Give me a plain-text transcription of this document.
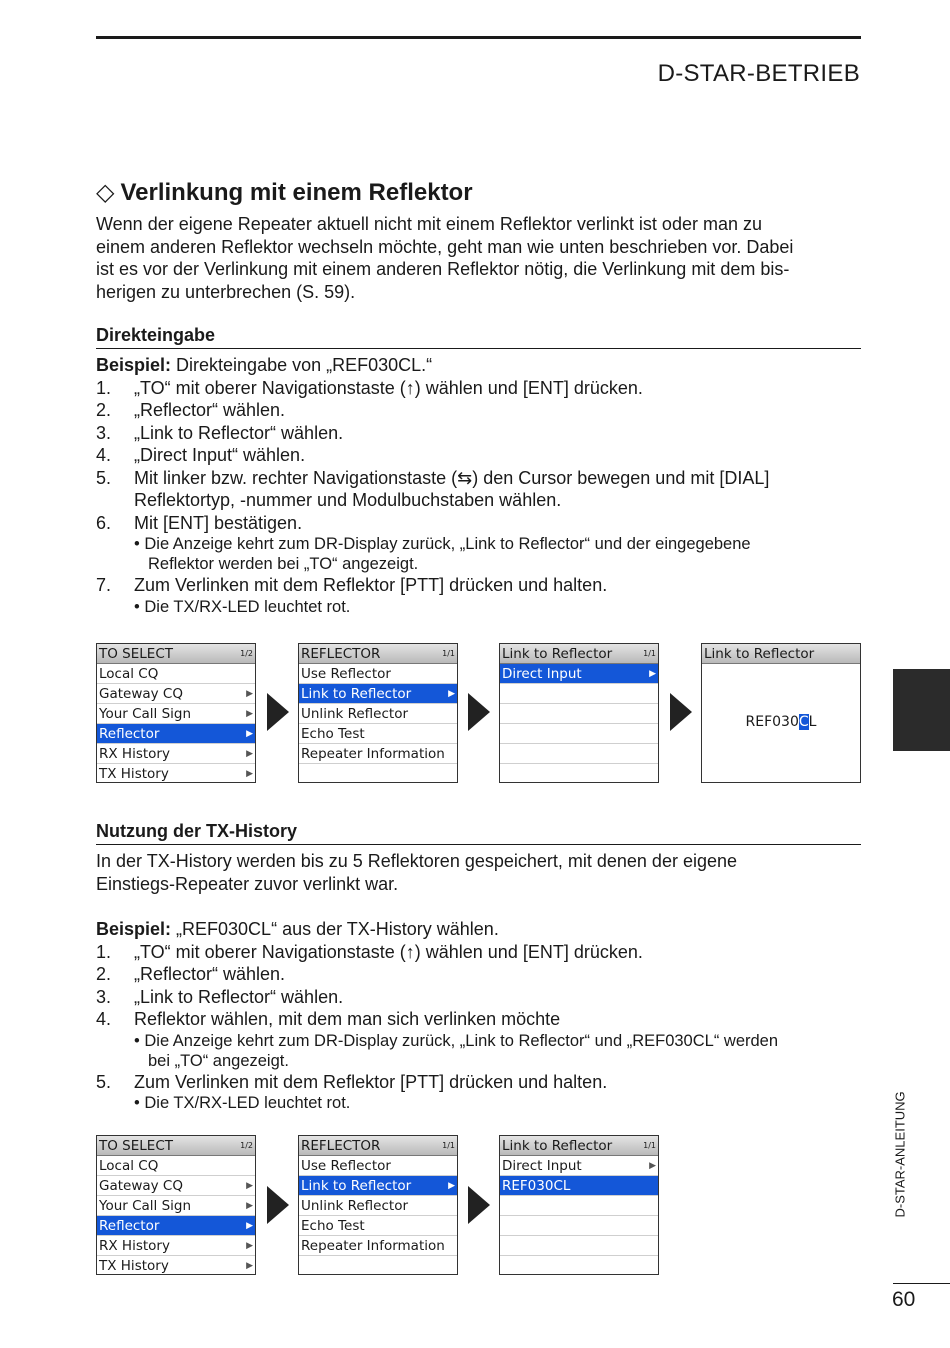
D-STAR-BETRIEB
◇ Verlinkung mit einem Reflektor
Wenn der eigene Repeater aktuell nicht mit einem Reflektor verlinkt ist oder man zu
einem anderen Reflektor wechseln möchte, geht man wie unten beschrieben vor. Dabei
ist es vor der Verlinkung mit einem anderen Reflektor nötig, die Verlinkung mit dem bis-
herigen zu unterbrechen (S. 59).
Direkteingabe
Beispiel: Direkteingabe von „REF030CL.“
1.	„TO“ mit oberer Navigationstaste (↑) wählen und [ENT] drücken.
2.	„Reflector“ wählen.
3.	„Link to Reflector“ wählen.
4.	„Direct Input“ wählen.
5.	Mit linker bzw. rechter Navigationstaste (⇆) den Cursor bewegen und mit [DIAL]
Reflektortyp, -nummer und Modulbuchstaben wählen.
6.	Mit [ENT] bestätigen.
• Die Anzeige kehrt zum DR-Display zurück, „Link to Reflector“ und der eingegebene
Reflektor werden bei „TO“ angezeigt.
7.	Zum Verlinken mit dem Reflektor [PTT] drücken und halten.
• Die TX/RX-LED leuchtet rot.
TO SELECT	1/2
Local CQ
Gateway CQ	▶
Your Call Sign	▶
Reflector	▶
RX History	▶
TX History	▶
REFLECTOR	1/1
Use Reflector
Link to Reflector	▶
Unlink Reflector
Echo Test
Repeater Information
Link to Reflector	1/1
Direct Input	▶
Link to Reflector
REF030CL
Nutzung der TX-History
In der TX-History werden bis zu 5 Reflektoren gespeichert, mit denen der eigene
Einstiegs-Repeater zuvor verlinkt war.
Beispiel: „REF030CL“ aus der TX-History wählen.
1.	„TO“ mit oberer Navigationstaste (↑) wählen und [ENT] drücken.
2.	„Reflector“ wählen.
3.	„Link to Reflector“ wählen.
4.	Reflektor wählen, mit dem man sich verlinken möchte
• Die Anzeige kehrt zum DR-Display zurück, „Link to Reflector“ und „REF030CL“ werden
bei „TO“ angezeigt.
5.	Zum Verlinken mit dem Reflektor [PTT] drücken und halten.
• Die TX/RX-LED leuchtet rot.
TO SELECT	1/2
Local CQ
Gateway CQ	▶
Your Call Sign	▶
Reflector	▶
RX History	▶
TX History	▶
REFLECTOR	1/1
Use Reflector
Link to Reflector	▶
Unlink Reflector
Echo Test
Repeater Information
Link to Reflector	1/1
Direct Input	▶
REF030CL	D-STAR-ANLEITUNG
60
